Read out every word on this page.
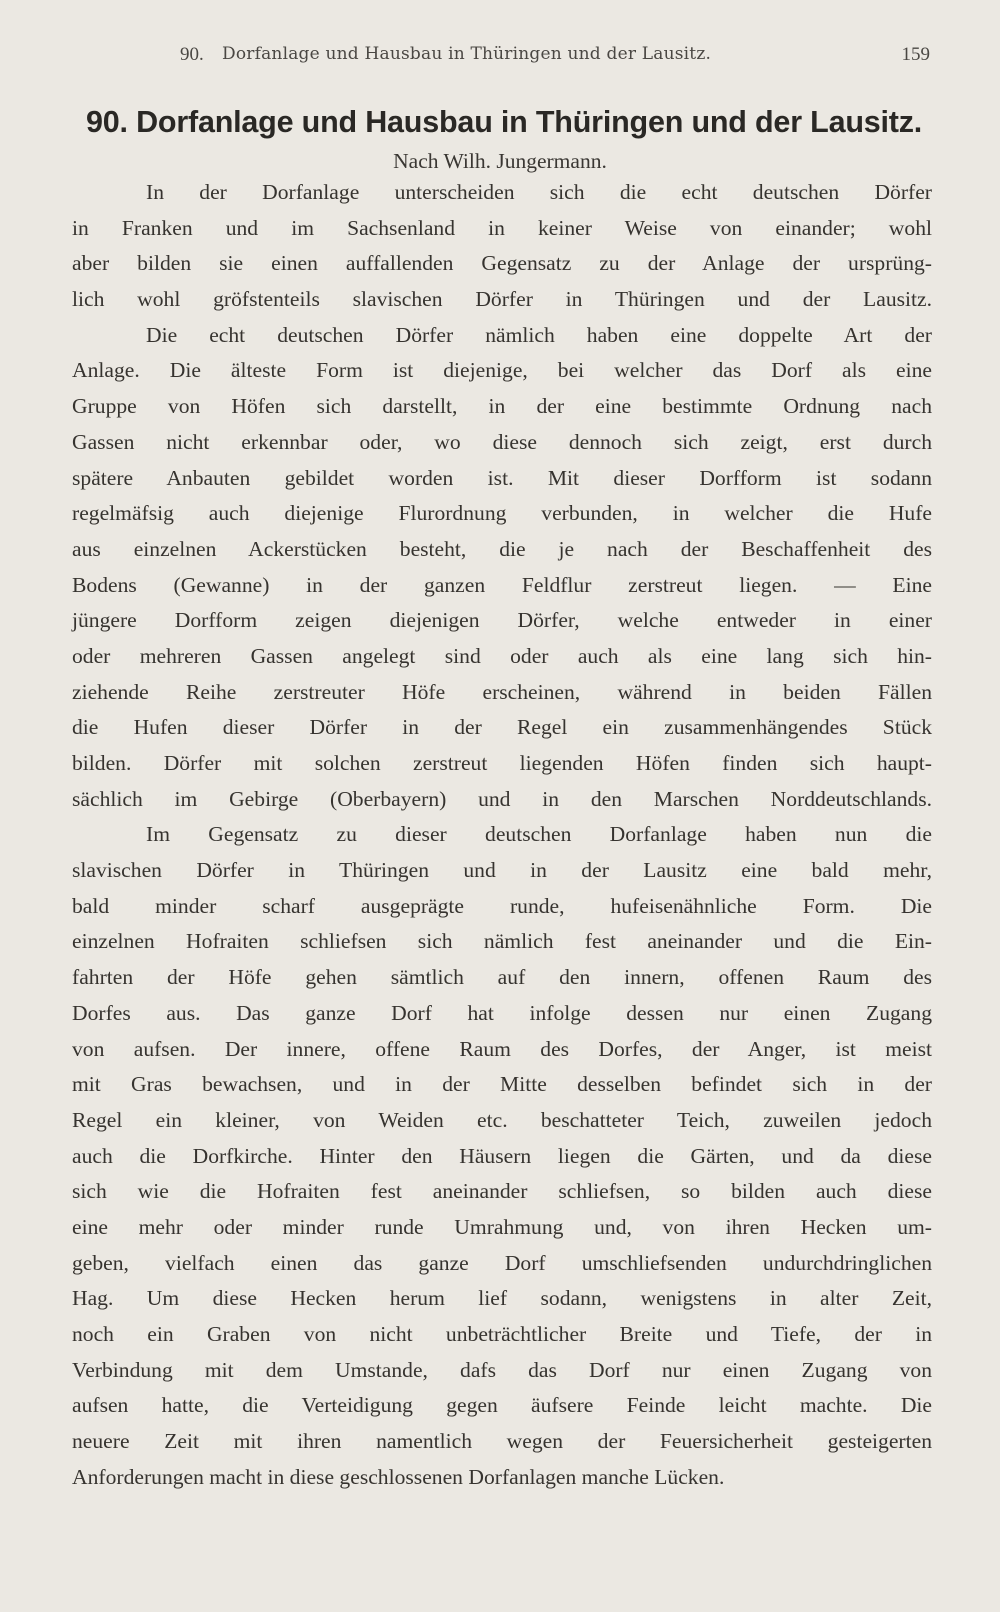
90. Dorfanlage und Hausbau in Thüringen und der Lausitz.	159
90. Dorfanlage und Hausbau in Thüringen und der Lausitz.
Nach Wilh. Jungermann.
In der Dorfanlage unterscheiden sich die echt deutschen Dörfer
in Franken und im Sachsenland in keiner Weise von einander; wohl
aber bilden sie einen auffallenden Gegensatz zu der Anlage der ursprüng-
lich wohl gröfstenteils slavischen Dörfer in Thüringen und der Lausitz.
Die echt deutschen Dörfer nämlich haben eine doppelte Art der
Anlage. Die älteste Form ist diejenige, bei welcher das Dorf als eine
Gruppe von Höfen sich darstellt, in der eine bestimmte Ordnung nach
Gassen nicht erkennbar oder, wo diese dennoch sich zeigt, erst durch
spätere Anbauten gebildet worden ist. Mit dieser Dorfform ist sodann
regelmäfsig auch diejenige Flurordnung verbunden, in welcher die Hufe
aus einzelnen Ackerstücken besteht, die je nach der Beschaffenheit des
Bodens (Gewanne) in der ganzen Feldflur zerstreut liegen. — Eine
jüngere Dorfform zeigen diejenigen Dörfer, welche entweder in einer
oder mehreren Gassen angelegt sind oder auch als eine lang sich hin-
ziehende Reihe zerstreuter Höfe erscheinen, während in beiden Fällen
die Hufen dieser Dörfer in der Regel ein zusammenhängendes Stück
bilden. Dörfer mit solchen zerstreut liegenden Höfen finden sich haupt-
sächlich im Gebirge (Oberbayern) und in den Marschen Norddeutschlands.
Im Gegensatz zu dieser deutschen Dorfanlage haben nun die
slavischen Dörfer in Thüringen und in der Lausitz eine bald mehr,
bald minder scharf ausgeprägte runde, hufeisenähnliche Form. Die
einzelnen Hofraiten schliefsen sich nämlich fest aneinander und die Ein-
fahrten der Höfe gehen sämtlich auf den innern, offenen Raum des
Dorfes aus. Das ganze Dorf hat infolge dessen nur einen Zugang
von aufsen. Der innere, offene Raum des Dorfes, der Anger, ist meist
mit Gras bewachsen, und in der Mitte desselben befindet sich in der
Regel ein kleiner, von Weiden etc. beschatteter Teich, zuweilen jedoch
auch die Dorfkirche. Hinter den Häusern liegen die Gärten, und da diese
sich wie die Hofraiten fest aneinander schliefsen, so bilden auch diese
eine mehr oder minder runde Umrahmung und, von ihren Hecken um-
geben, vielfach einen das ganze Dorf umschliefsenden undurchdringlichen
Hag. Um diese Hecken herum lief sodann, wenigstens in alter Zeit,
noch ein Graben von nicht unbeträchtlicher Breite und Tiefe, der in
Verbindung mit dem Umstande, dafs das Dorf nur einen Zugang von
aufsen hatte, die Verteidigung gegen äufsere Feinde leicht machte. Die
neuere Zeit mit ihren namentlich wegen der Feuersicherheit gesteigerten
Anforderungen macht in diese geschlossenen Dorfanlagen manche Lücken.
